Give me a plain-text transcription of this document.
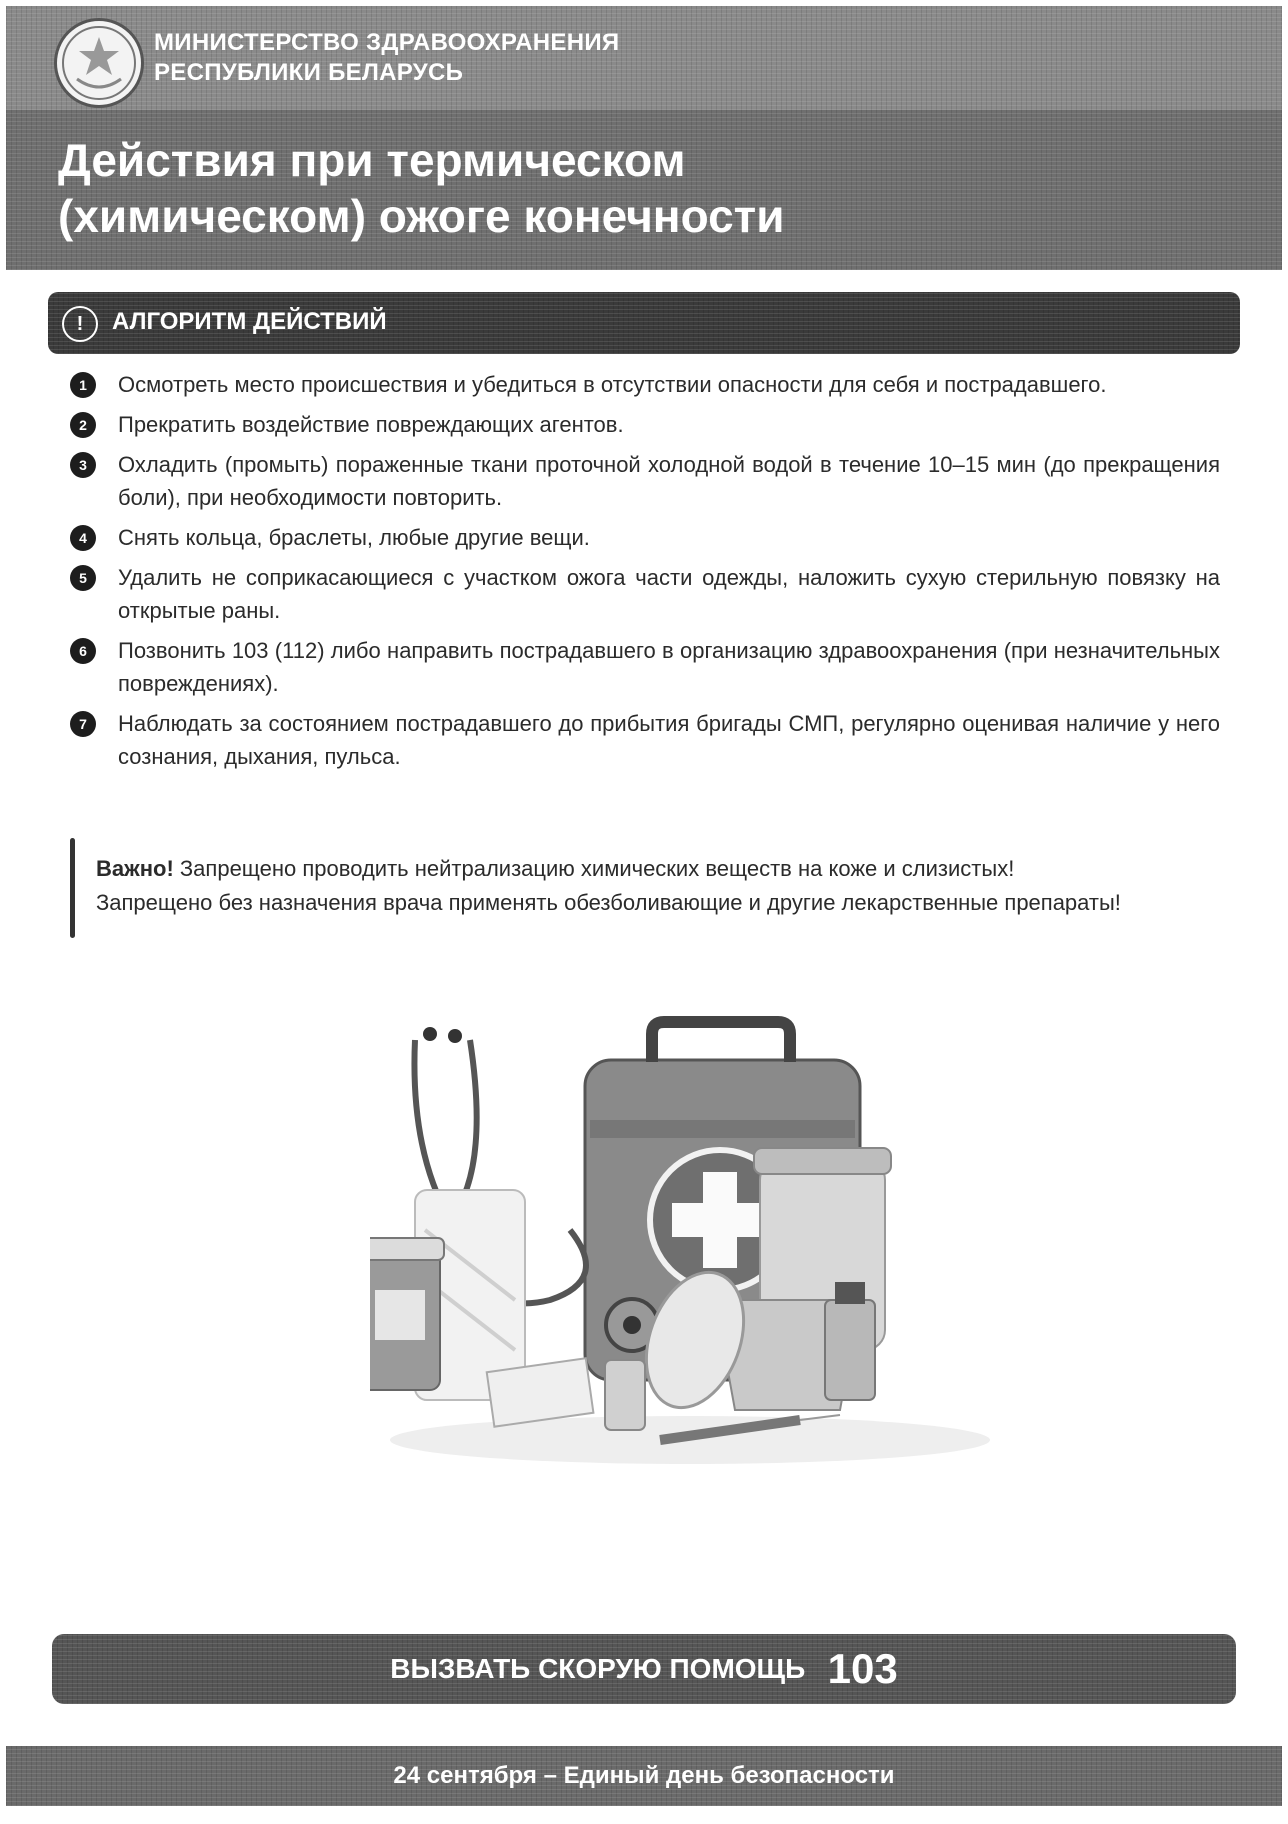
МИНИСТЕРСТВО ЗДРАВООХРАНЕНИЯ
РЕСПУБЛИКИ БЕЛАРУСЬ
Действия при термическом
(химическом) ожоге конечности
!	АЛГОРИТМ ДЕЙСТВИЙ
1	Осмотреть место происшествия и убедиться в отсутствии опасности для себя и пострадавшего.
2	Прекратить воздействие повреждающих агентов.
3	Охладить (промыть) пораженные ткани проточной холодной водой в течение 10–15 мин (до прекращения боли), при необходимости повторить.
4	Снять кольца, браслеты, любые другие вещи.
5	Удалить не соприкасающиеся с участком ожога части одежды, наложить сухую стерильную повязку на открытые раны.
6	Позвонить 103 (112) либо направить пострадавшего в организацию здравоохранения (при незначительных повреждениях).
7	Наблюдать за состоянием пострадавшего до прибытия бригады СМП, регулярно оценивая наличие у него сознания, дыхания, пульса.
Важно! Запрещено проводить нейтрализацию химических веществ на коже и слизистых!
Запрещено без назначения врача применять обезболивающие и другие лекарственные препараты!
ВЫЗВАТЬ СКОРУЮ ПОМОЩЬ 103
24 сентября – Единый день безопасности
